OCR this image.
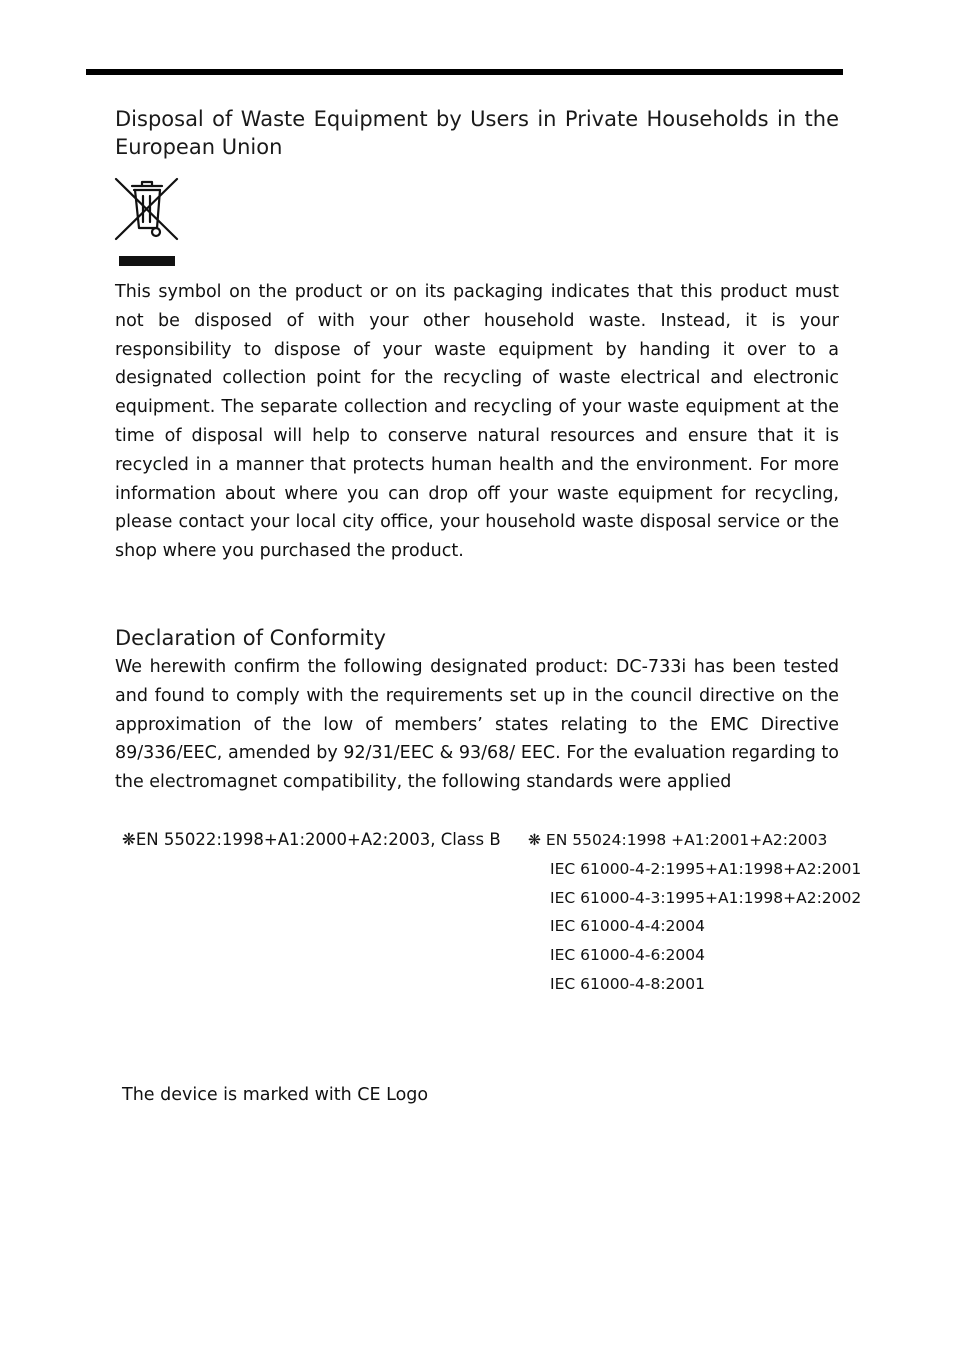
Disposal of Waste Equipment by Users in Private Households in the European Union

This symbol on the product or on its packaging indicates that this product must not be disposed of with your other household waste. Instead, it is your responsibility to dispose of your waste equipment by handing it over to a designated collection point for the recycling of waste electrical and electronic equipment. The separate collection and recycling of your waste equipment at the time of disposal will help to conserve natural resources and ensure that it is recycled in a manner that protects human health and the environment. For more information about where you can drop off your waste equipment for recycling, please contact your local city office, your household waste disposal service or the shop where you purchased the product.

Declaration of Conformity

We herewith confirm the following designated product: DC-733i has been tested and found to comply with the requirements set up in the council directive on the approximation of the low of members’ states relating to the EMC Directive 89/336/EEC, amended by 92/31/EEC & 93/68/ EEC. For the evaluation regarding to the electromagnet compatibility, the following standards were applied

❋EN 55022:1998+A1:2000+A2:2003, Class B ❋ EN 55024:1998 +A1:2001+A2:2003
IEC 61000-4-2:1995+A1:1998+A2:2001
IEC 61000-4-3:1995+A1:1998+A2:2002
IEC 61000-4-4:2004
IEC 61000-4-6:2004
IEC 61000-4-8:2001
The device is marked with CE Logo
